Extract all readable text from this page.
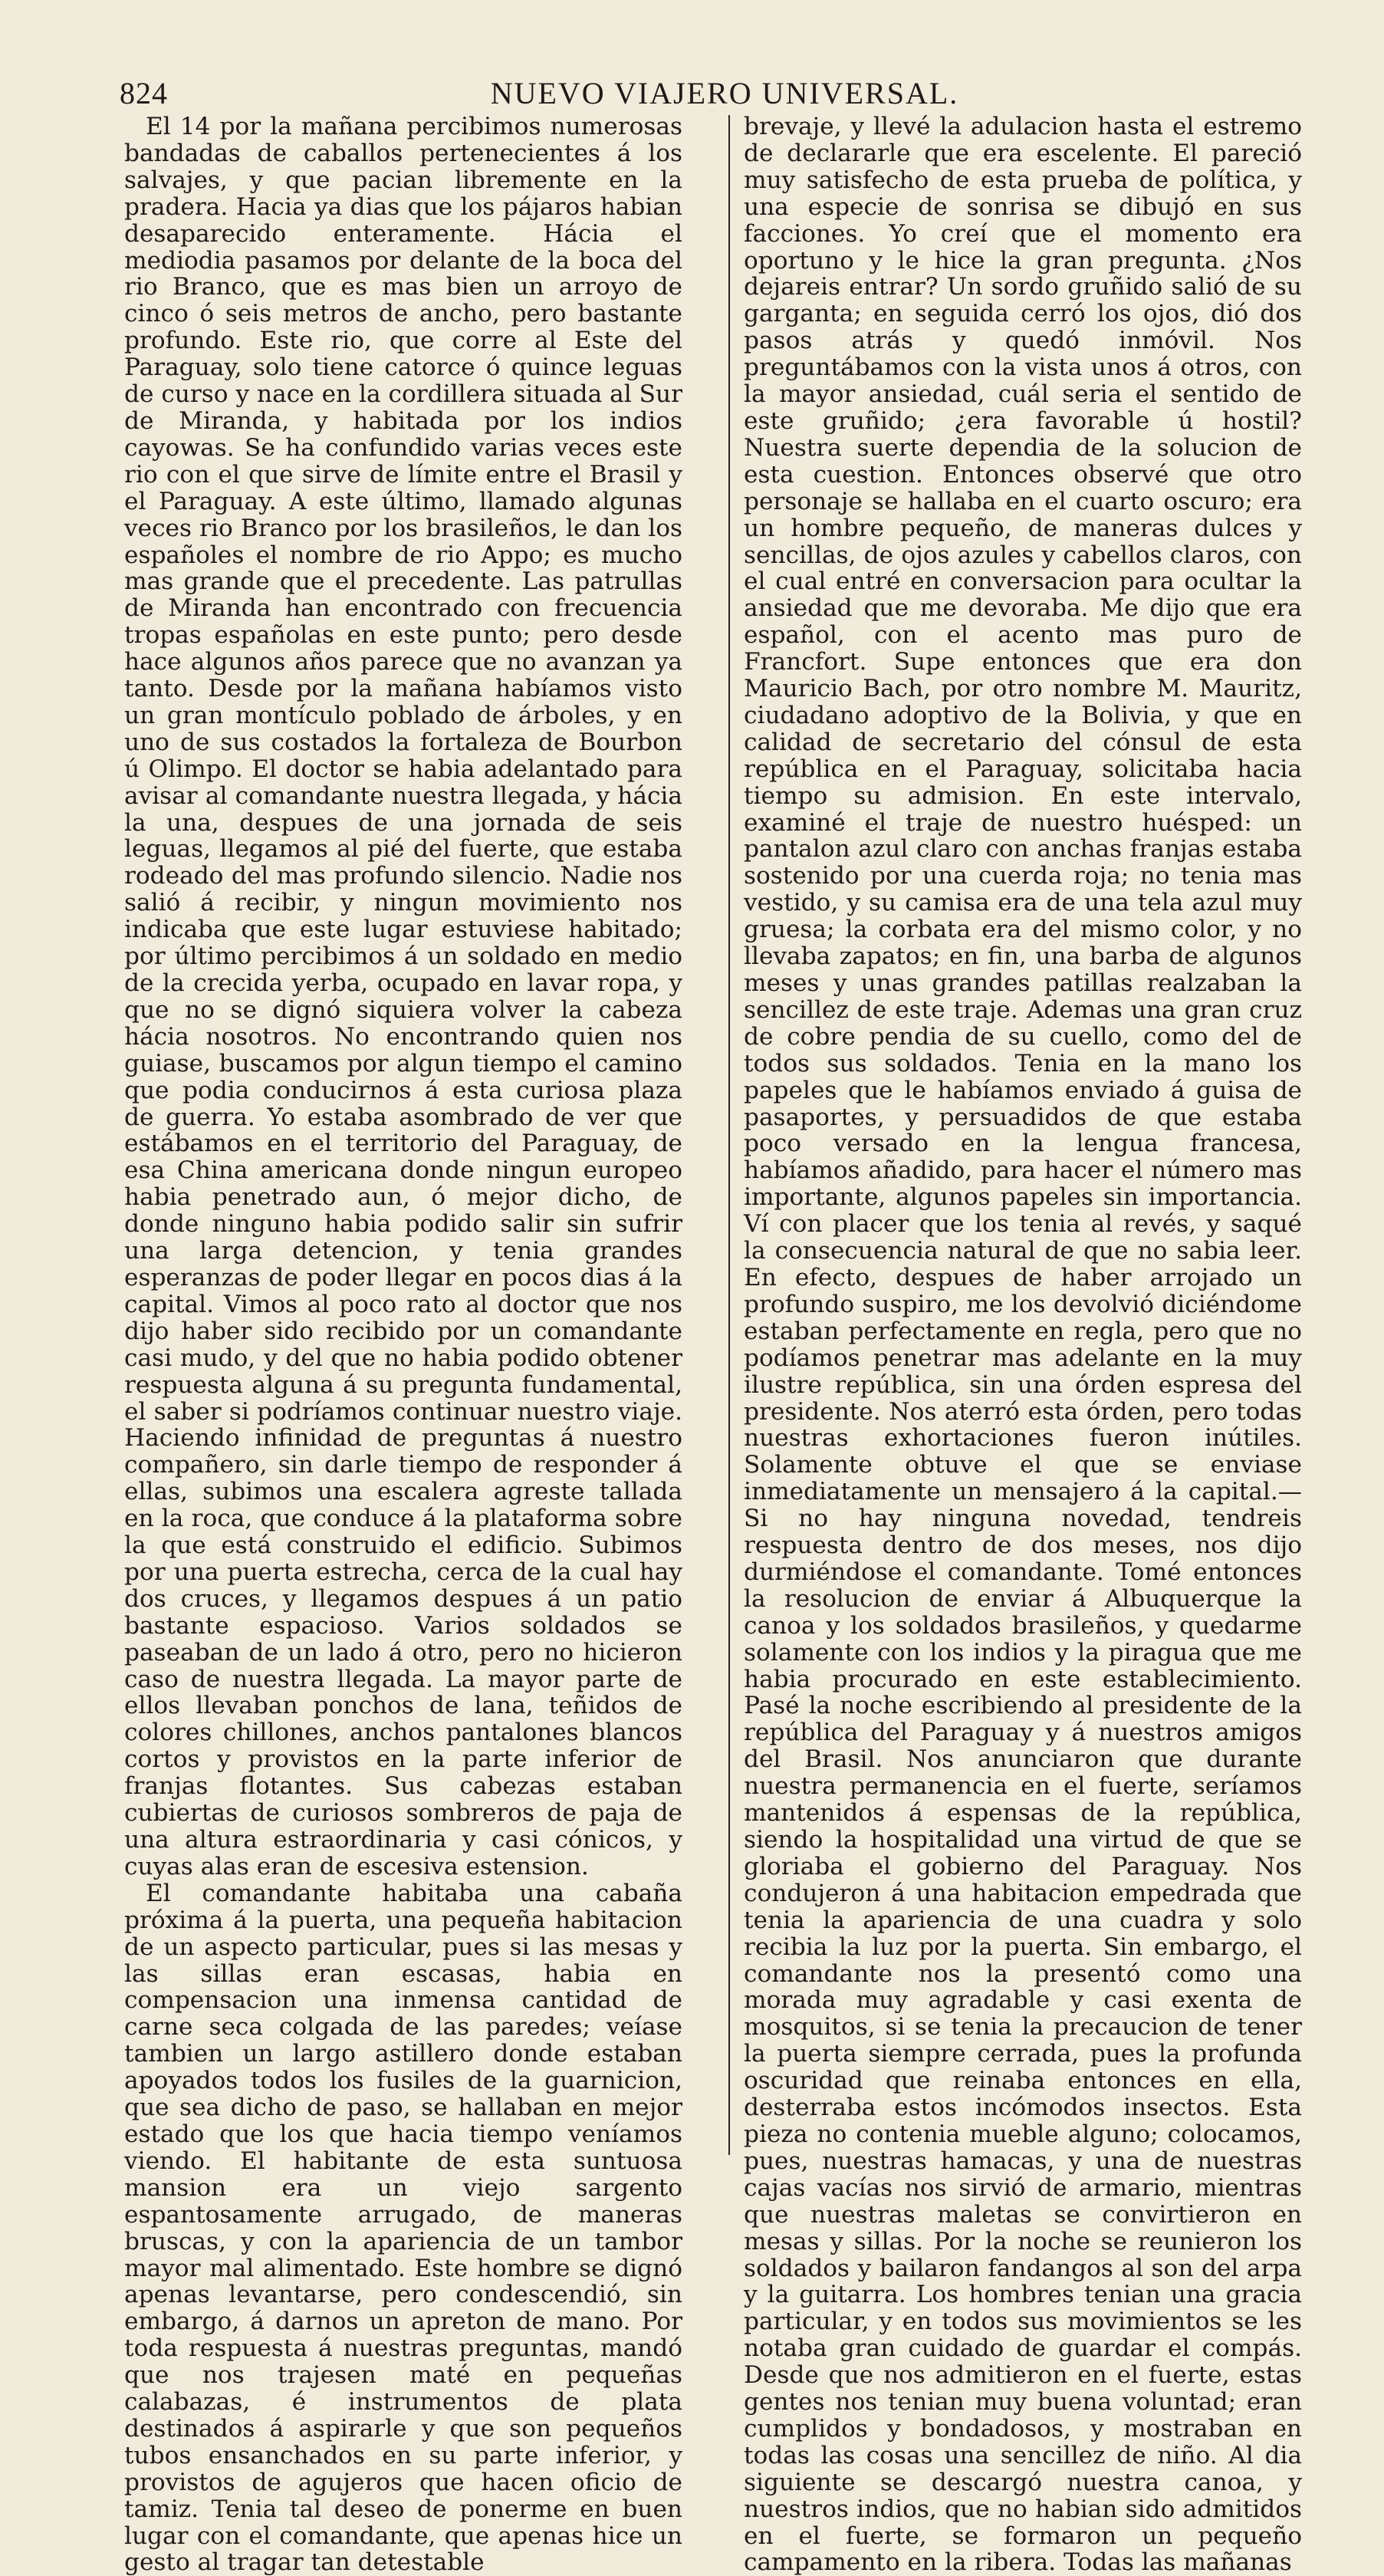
824	NUEVO VIAJERO UNIVERSAL.

El 14 por la mañana percibimos numerosas bandadas de caballos pertenecientes á los salvajes, y que pacian libremente en la pradera. Hacia ya dias que los pájaros habian desaparecido enteramente. Hácia el mediodia pasamos por delante de la boca del rio Branco, que es mas bien un arroyo de cinco ó seis metros de ancho, pero bastante profundo. Este rio, que corre al Este del Paraguay, solo tiene catorce ó quince leguas de curso y nace en la cordillera situada al Sur de Miranda, y habitada por los indios cayowas. Se ha confundido varias veces este rio con el que sirve de límite entre el Brasil y el Paraguay. A este último, llamado algunas veces rio Branco por los brasileños, le dan los españoles el nombre de rio Appo; es mucho mas grande que el precedente. Las patrullas de Miranda han encontrado con frecuencia tropas españolas en este punto; pero desde hace algunos años parece que no avanzan ya tanto. Desde por la mañana habíamos visto un gran montículo poblado de árboles, y en uno de sus costados la fortaleza de Bourbon ú Olimpo. El doctor se habia adelantado para avisar al comandante nuestra llegada, y hácia la una, despues de una jornada de seis leguas, llegamos al pié del fuerte, que estaba rodeado del mas profundo silencio. Nadie nos salió á recibir, y ningun movimiento nos indicaba que este lugar estuviese habitado; por último percibimos á un soldado en medio de la crecida yerba, ocupado en lavar ropa, y que no se dignó siquiera volver la cabeza hácia nosotros. No encontrando quien nos guiase, buscamos por algun tiempo el camino que podia conducirnos á esta curiosa plaza de guerra. Yo estaba asombrado de ver que estábamos en el territorio del Paraguay, de esa China americana donde ningun europeo habia penetrado aun, ó mejor dicho, de donde ninguno habia podido salir sin sufrir una larga detencion, y tenia grandes esperanzas de poder llegar en pocos dias á la capital. Vimos al poco rato al doctor que nos dijo haber sido recibido por un comandante casi mudo, y del que no habia podido obtener respuesta alguna á su pregunta fundamental, el saber si podríamos continuar nuestro viaje. Haciendo infinidad de preguntas á nuestro compañero, sin darle tiempo de responder á ellas, subimos una escalera agreste tallada en la roca, que conduce á la plataforma sobre la que está construido el edificio. Subimos por una puerta estrecha, cerca de la cual hay dos cruces, y llegamos despues á un patio bastante espacioso. Varios soldados se paseaban de un lado á otro, pero no hicieron caso de nuestra llegada. La mayor parte de ellos llevaban ponchos de lana, teñidos de colores chillones, anchos pantalones blancos cortos y provistos en la parte inferior de franjas flotantes. Sus cabezas estaban cubiertas de curiosos sombreros de paja de una altura estraordinaria y casi cónicos, y cuyas alas eran de escesiva estension.

El comandante habitaba una cabaña próxima á la puerta, una pequeña habitacion de un aspecto particular, pues si las mesas y las sillas eran escasas, habia en compensacion una inmensa cantidad de carne seca colgada de las paredes; veíase tambien un largo astillero donde estaban apoyados todos los fusiles de la guarnicion, que sea dicho de paso, se hallaban en mejor estado que los que hacia tiempo veníamos viendo. El habitante de esta suntuosa mansion era un viejo sargento espantosamente arrugado, de maneras bruscas, y con la apariencia de un tambor mayor mal alimentado. Este hombre se dignó apenas levantarse, pero condescendió, sin embargo, á darnos un apreton de mano. Por toda respuesta á nuestras preguntas, mandó que nos trajesen maté en pequeñas calabazas, é instrumentos de plata destinados á aspirarle y que son pequeños tubos ensanchados en su parte inferior, y provistos de agujeros que hacen oficio de tamiz. Tenia tal deseo de ponerme en buen lugar con el comandante, que apenas hice un gesto al tragar tan detestable

brevaje, y llevé la adulacion hasta el estremo de declararle que era escelente. El pareció muy satisfecho de esta prueba de política, y una especie de sonrisa se dibujó en sus facciones. Yo creí que el momento era oportuno y le hice la gran pregunta. ¿Nos dejareis entrar? Un sordo gruñido salió de su garganta; en seguida cerró los ojos, dió dos pasos atrás y quedó inmóvil. Nos preguntábamos con la vista unos á otros, con la mayor ansiedad, cuál seria el sentido de este gruñido; ¿era favorable ú hostil? Nuestra suerte dependia de la solucion de esta cuestion. Entonces observé que otro personaje se hallaba en el cuarto oscuro; era un hombre pequeño, de maneras dulces y sencillas, de ojos azules y cabellos claros, con el cual entré en conversacion para ocultar la ansiedad que me devoraba. Me dijo que era español, con el acento mas puro de Francfort. Supe entonces que era don Mauricio Bach, por otro nombre M. Mauritz, ciudadano adoptivo de la Bolivia, y que en calidad de secretario del cónsul de esta república en el Paraguay, solicitaba hacia tiempo su admision. En este intervalo, examiné el traje de nuestro huésped: un pantalon azul claro con anchas franjas estaba sostenido por una cuerda roja; no tenia mas vestido, y su camisa era de una tela azul muy gruesa; la corbata era del mismo color, y no llevaba zapatos; en fin, una barba de algunos meses y unas grandes patillas realzaban la sencillez de este traje. Ademas una gran cruz de cobre pendia de su cuello, como del de todos sus soldados. Tenia en la mano los papeles que le habíamos enviado á guisa de pasaportes, y persuadidos de que estaba poco versado en la lengua francesa, habíamos añadido, para hacer el número mas importante, algunos papeles sin importancia. Ví con placer que los tenia al revés, y saqué la consecuencia natural de que no sabia leer. En efecto, despues de haber arrojado un profundo suspiro, me los devolvió diciéndome estaban perfectamente en regla, pero que no podíamos penetrar mas adelante en la muy ilustre república, sin una órden espresa del presidente. Nos aterró esta órden, pero todas nuestras exhortaciones fueron inútiles. Solamente obtuve el que se enviase inmediatamente un mensajero á la capital.—Si no hay ninguna novedad, tendreis respuesta dentro de dos meses, nos dijo durmiéndose el comandante. Tomé entonces la resolucion de enviar á Albuquerque la canoa y los soldados brasileños, y quedarme solamente con los indios y la piragua que me habia procurado en este establecimiento. Pasé la noche escribiendo al presidente de la república del Paraguay y á nuestros amigos del Brasil. Nos anunciaron que durante nuestra permanencia en el fuerte, seríamos mantenidos á espensas de la república, siendo la hospitalidad una virtud de que se gloriaba el gobierno del Paraguay. Nos condujeron á una habitacion empedrada que tenia la apariencia de una cuadra y solo recibia la luz por la puerta. Sin embargo, el comandante nos la presentó como una morada muy agradable y casi exenta de mosquitos, si se tenia la precaucion de tener la puerta siempre cerrada, pues la profunda oscuridad que reinaba entonces en ella, desterraba estos incómodos insectos. Esta pieza no contenia mueble alguno; colocamos, pues, nuestras hamacas, y una de nuestras cajas vacías nos sirvió de armario, mientras que nuestras maletas se convirtieron en mesas y sillas. Por la noche se reunieron los soldados y bailaron fandangos al son del arpa y la guitarra. Los hombres tenian una gracia particular, y en todos sus movimientos se les notaba gran cuidado de guardar el compás. Desde que nos admitieron en el fuerte, estas gentes nos tenian muy buena voluntad; eran cumplidos y bondadosos, y mostraban en todas las cosas una sencillez de niño. Al dia siguiente se descargó nuestra canoa, y nuestros indios, que no habian sido admitidos en el fuerte, se formaron un pequeño campamento en la ribera. Todas las mañanas
